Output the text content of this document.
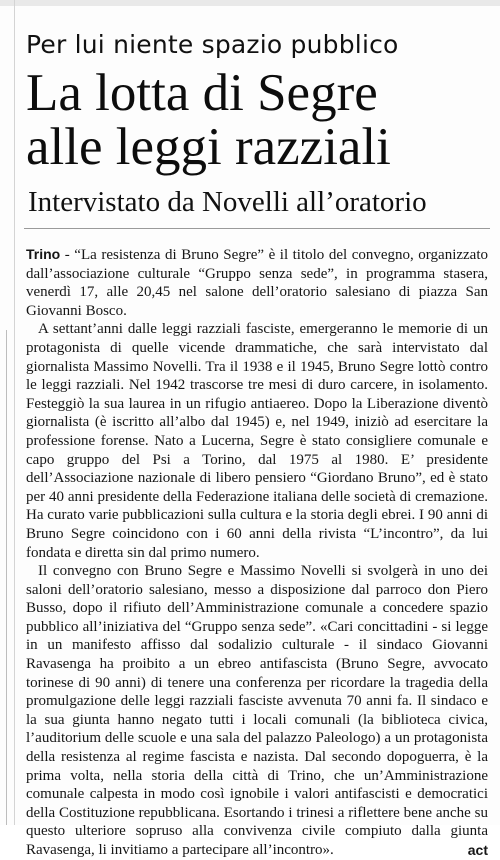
Per lui niente spazio pubblico
La lotta di Segre
alle leggi razziali
Intervistato da Novelli all’oratorio

Trino - “La resistenza di Bruno Segre” è il titolo del convegno, organizzato dall’associazione culturale “Gruppo senza sede”, in programma stasera, venerdì 17, alle 20,45 nel salone dell’oratorio salesiano di piazza San Giovanni Bosco.

A settant’anni dalle leggi razziali fasciste, emergeranno le memorie di un protagonista di quelle vicende drammatiche, che sarà intervistato dal giornalista Massimo Novelli. Tra il 1938 e il 1945, Bruno Segre lottò contro le leggi razziali. Nel 1942 trascorse tre mesi di duro carcere, in isolamento. Festeggiò la sua laurea in un rifugio antiaereo. Dopo la Liberazione diventò giornalista (è iscritto all’albo dal 1945) e, nel 1949, iniziò ad esercitare la professione forense. Nato a Lucerna, Segre è stato consigliere comunale e capo gruppo del Psi a Torino, dal 1975 al 1980. E’ presidente dell’Associazione nazionale di libero pensiero “Giordano Bruno”, ed è stato per 40 anni presidente della Federazione italiana delle società di cremazione. Ha curato varie pubblicazioni sulla cultura e la storia degli ebrei. I 90 anni di Bruno Segre coincidono con i 60 anni della rivista “L’incontro”, da lui fondata e diretta sin dal primo numero.

Il convegno con Bruno Segre e Massimo Novelli si svolgerà in uno dei saloni dell’oratorio salesiano, messo a disposizione dal parroco don Piero Busso, dopo il rifiuto dell’Amministrazione comunale a concedere spazio pubblico all’iniziativa del “Gruppo senza sede”. «Cari concittadini - si legge in un manifesto affisso dal sodalizio culturale - il sindaco Giovanni Ravasenga ha proibito a un ebreo antifascista (Bruno Segre, avvocato torinese di 90 anni) di tenere una conferenza per ricordare la tragedia della promulgazione delle leggi razziali fasciste avvenuta 70 anni fa. Il sindaco e la sua giunta hanno negato tutti i locali comunali (la biblioteca civica, l’auditorium delle scuole e una sala del palazzo Paleologo) a un protagonista della resistenza al regime fascista e nazista. Dal secondo dopoguerra, è la prima volta, nella storia della città di Trino, che un’Amministrazione comunale calpesta in modo così ignobile i valori antifascisti e democratici della Costituzione repubblicana. Esortando i trinesi a riflettere bene anche su questo ulteriore sopruso alla convivenza civile compiuto dalla giunta Ravasenga, li invitiamo a partecipare all’incontro».	act
